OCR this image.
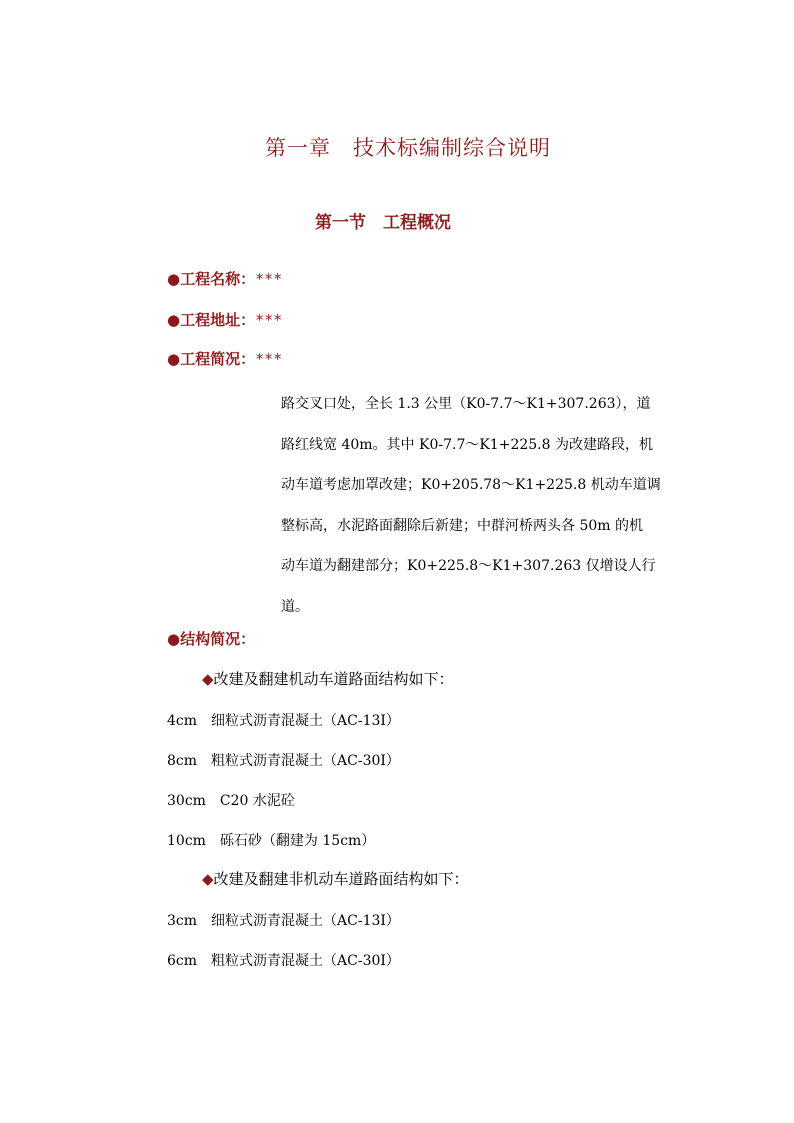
第一章　技术标编制综合说明
第一节　工程概况
●工程名称：***
●工程地址：***
●工程简况：***
路交叉口处，全长 1.3 公里（K0-7.7～K1+307.263），道
路红线宽 40m。其中 K0-7.7～K1+225.8 为改建路段，机
动车道考虑加罩改建；K0+205.78～K1+225.8 机动车道调
整标高，水泥路面翻除后新建；中群河桥两头各 50m 的机
动车道为翻建部分；K0+225.8～K1+307.263 仅增设人行
道。
●结构简况：
◆改建及翻建机动车道路面结构如下：
4cm　细粒式沥青混凝土（AC-13I）
8cm　粗粒式沥青混凝土（AC-30I）
30cm　C20 水泥砼
10cm　砾石砂（翻建为 15cm）
◆改建及翻建非机动车道路面结构如下：
3cm　细粒式沥青混凝土（AC-13I）
6cm　粗粒式沥青混凝土（AC-30I）
